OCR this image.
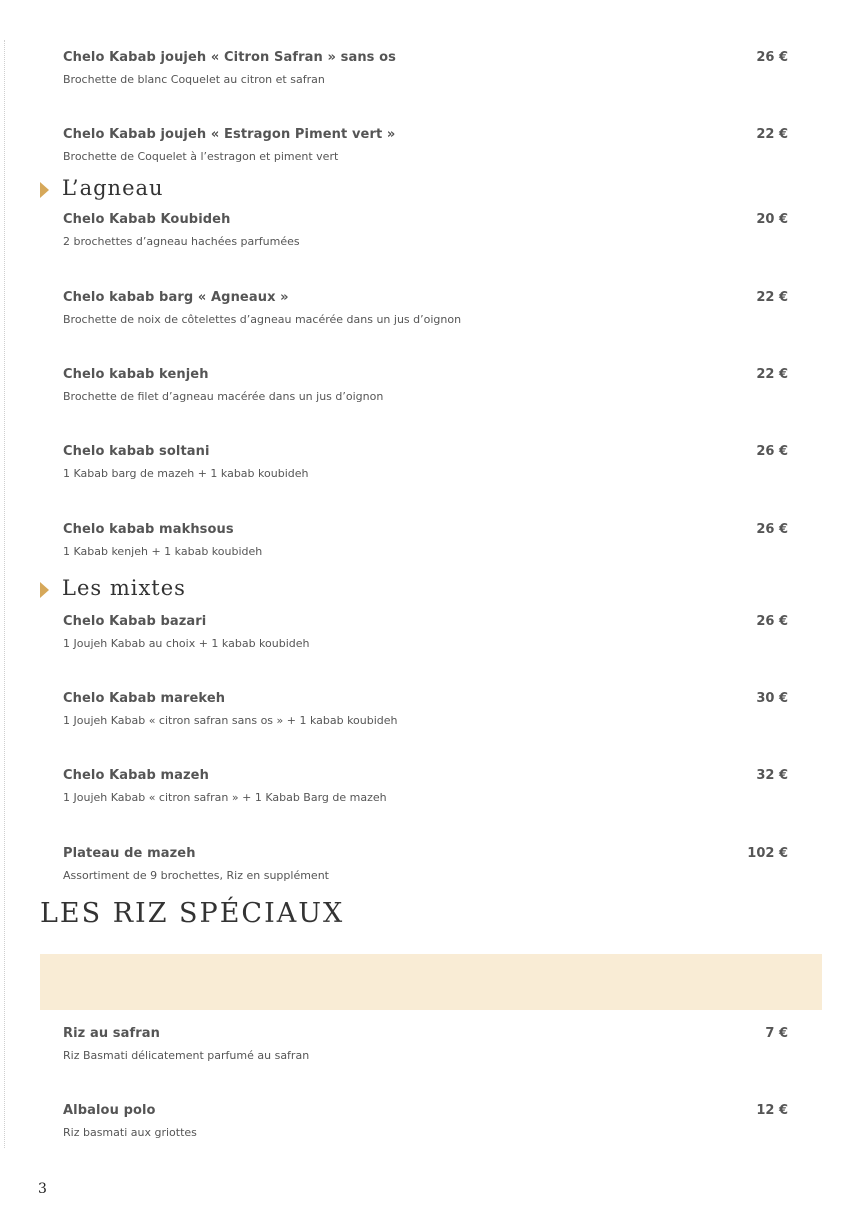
Chelo Kabab joujeh « Citron Safran » sans os	26 €
Brochette de blanc Coquelet au citron et safran
Chelo Kabab joujeh « Estragon Piment vert »	22 €
Brochette de Coquelet à l’estragon et piment vert
L’agneau
Chelo Kabab Koubideh	20 €
2 brochettes d’agneau hachées parfumées
Chelo kabab barg « Agneaux »	22 €
Brochette de noix de côtelettes d’agneau macérée dans un jus d’oignon
Chelo kabab kenjeh	22 €
Brochette de filet d’agneau macérée dans un jus d’oignon
Chelo kabab soltani	26 €
1 Kabab barg de mazeh + 1 kabab koubideh
Chelo kabab makhsous	26 €
1 Kabab kenjeh + 1 kabab koubideh
Les mixtes
Chelo Kabab bazari	26 €
1 Joujeh Kabab au choix + 1 kabab koubideh
Chelo Kabab marekeh	30 €
1 Joujeh Kabab « citron safran sans os » + 1 kabab koubideh
Chelo Kabab mazeh	32 €
1 Joujeh Kabab « citron safran » + 1 Kabab Barg de mazeh
Plateau de mazeh	102 €
Assortiment de 9 brochettes, Riz en supplément
LES RIZ SPÉCIAUX
Riz au safran	7 €
Riz Basmati délicatement parfumé au safran
Albalou polo	12 €
Riz basmati aux griottes
3
